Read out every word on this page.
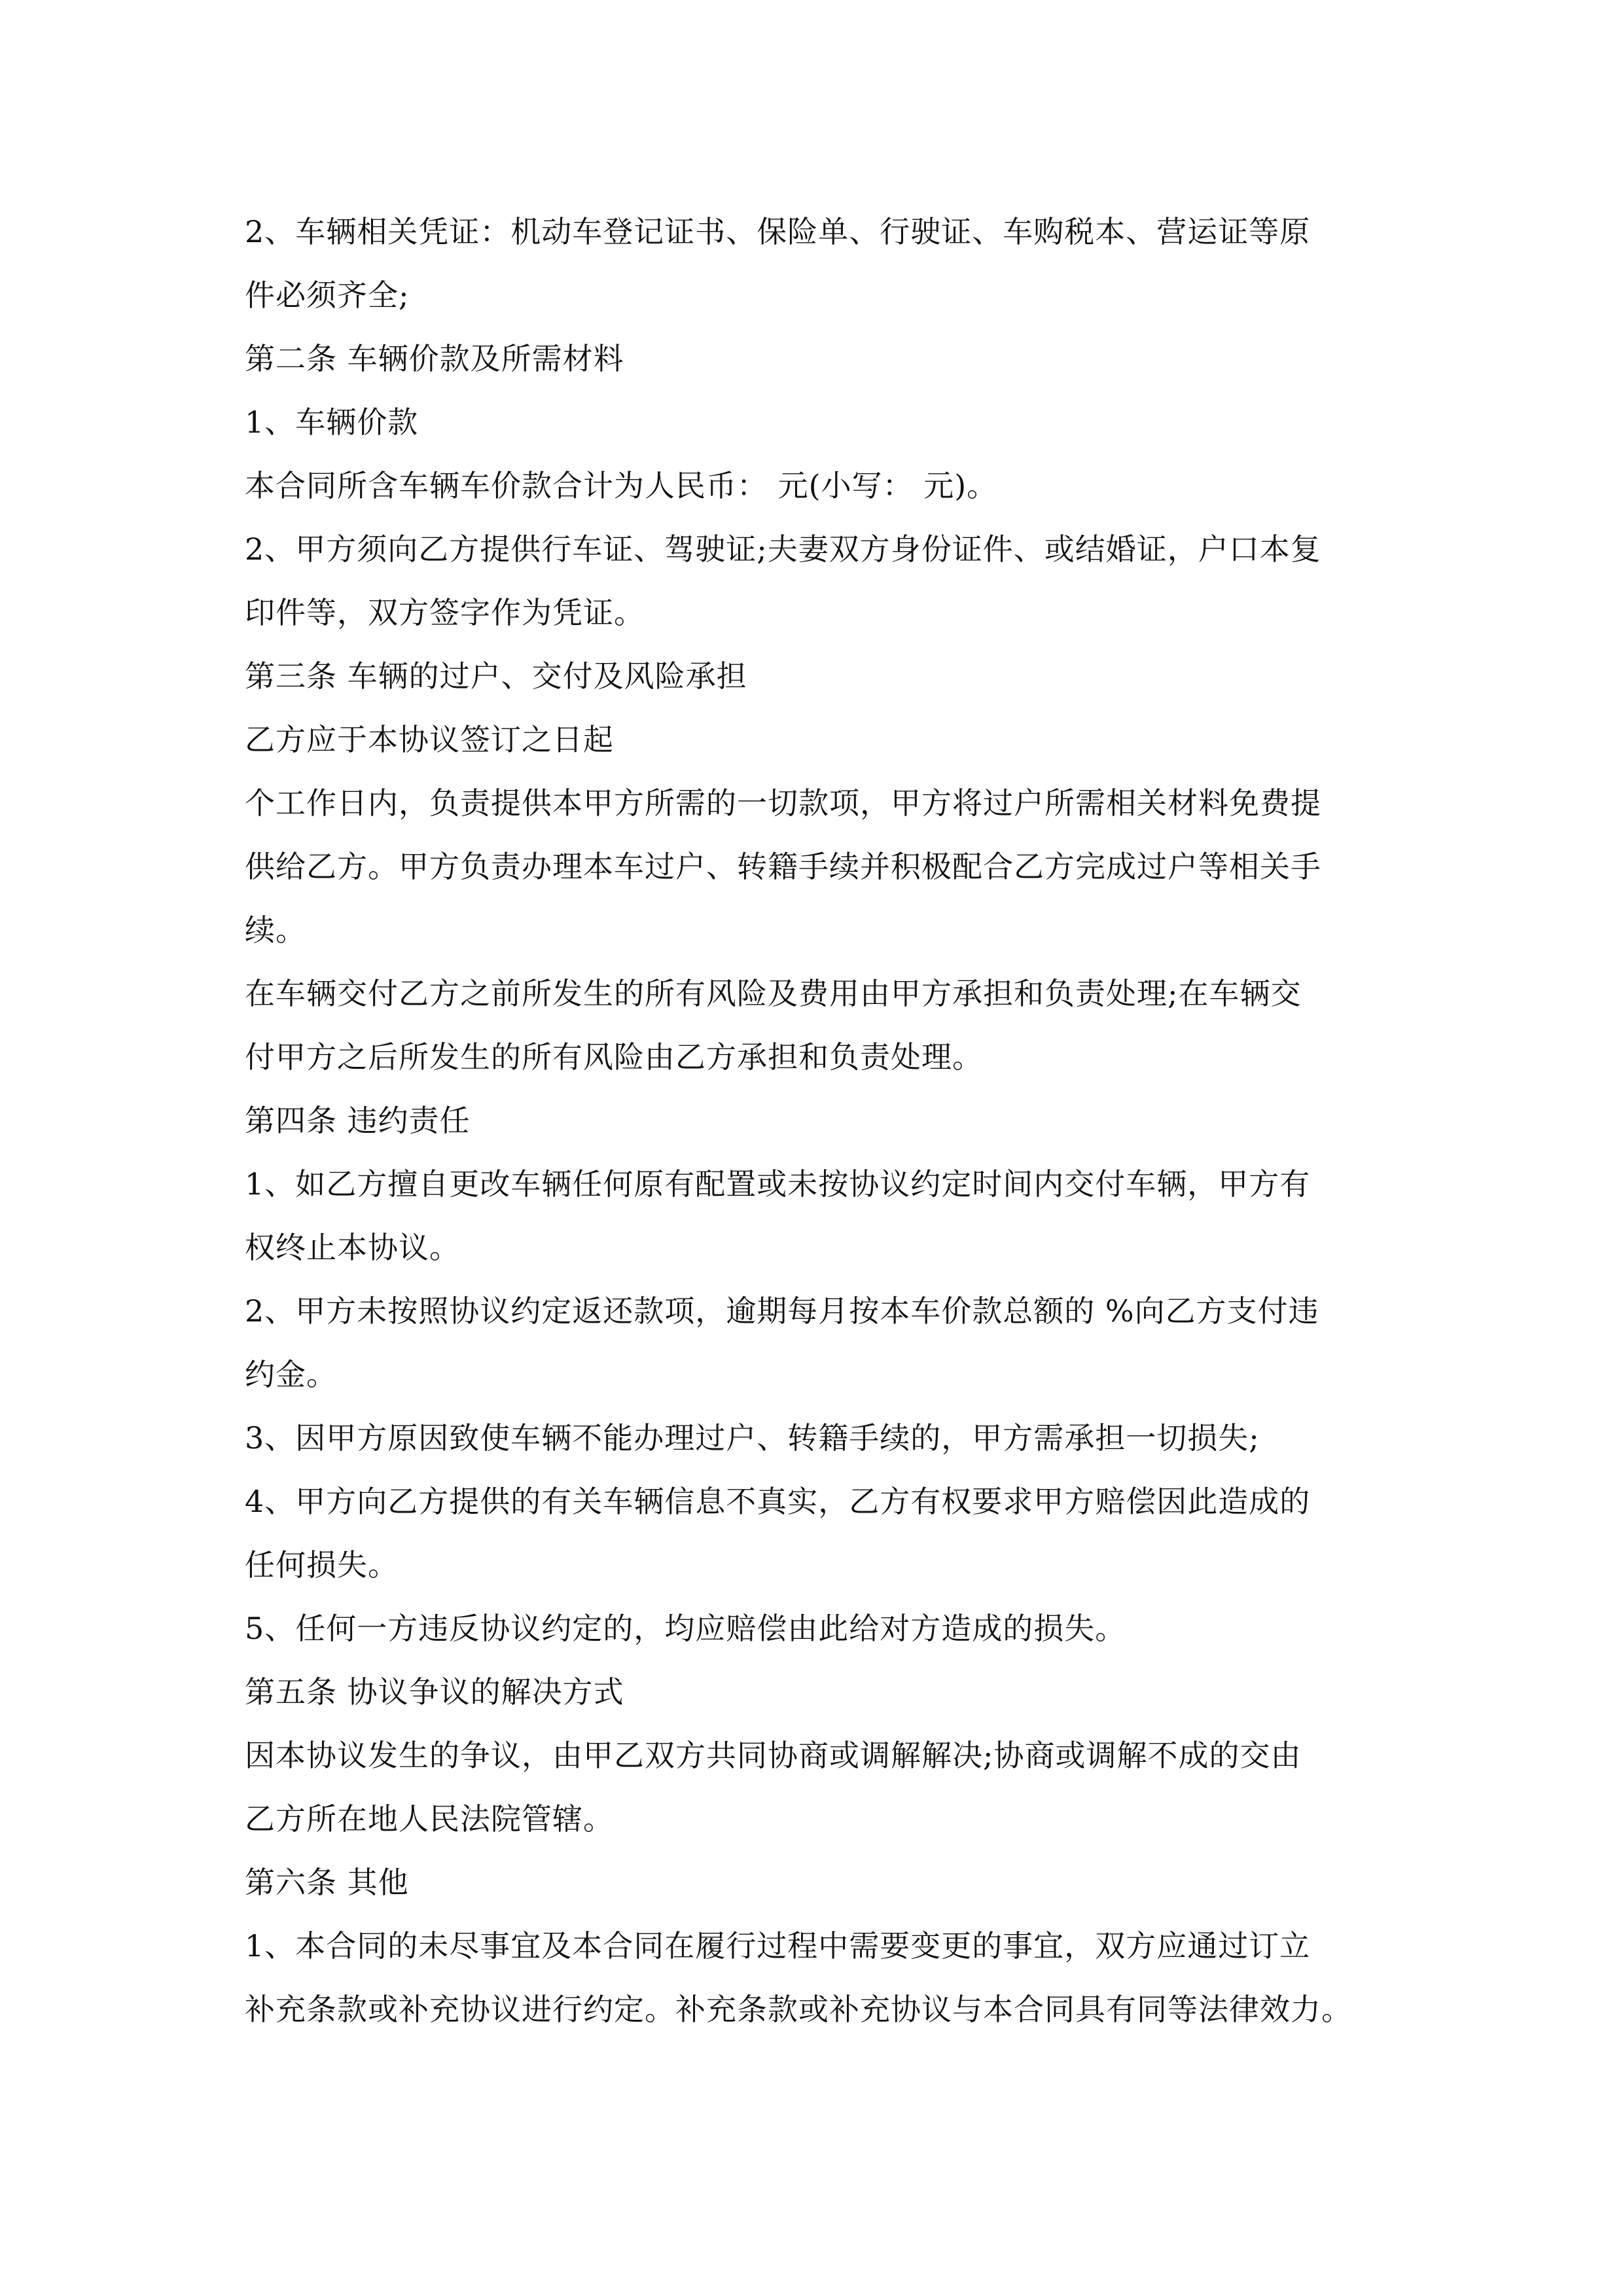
2、车辆相关凭证：机动车登记证书、保险单、行驶证、车购税本、营运证等原
件必须齐全;
第二条 车辆价款及所需材料
1、车辆价款
本合同所含车辆车价款合计为人民币： 元(小写： 元)。
2、甲方须向乙方提供行车证、驾驶证;夫妻双方身份证件、或结婚证，户口本复
印件等，双方签字作为凭证。
第三条 车辆的过户、交付及风险承担
乙方应于本协议签订之日起
个工作日内，负责提供本甲方所需的一切款项，甲方将过户所需相关材料免费提
供给乙方。甲方负责办理本车过户、转籍手续并积极配合乙方完成过户等相关手
续。
在车辆交付乙方之前所发生的所有风险及费用由甲方承担和负责处理;在车辆交
付甲方之后所发生的所有风险由乙方承担和负责处理。
第四条 违约责任
1、如乙方擅自更改车辆任何原有配置或未按协议约定时间内交付车辆，甲方有
权终止本协议。
2、甲方未按照协议约定返还款项，逾期每月按本车价款总额的 %向乙方支付违
约金。
3、因甲方原因致使车辆不能办理过户、转籍手续的，甲方需承担一切损失;
4、甲方向乙方提供的有关车辆信息不真实，乙方有权要求甲方赔偿因此造成的
任何损失。
5、任何一方违反协议约定的，均应赔偿由此给对方造成的损失。
第五条 协议争议的解决方式
因本协议发生的争议，由甲乙双方共同协商或调解解决;协商或调解不成的交由
乙方所在地人民法院管辖。
第六条 其他
1、本合同的未尽事宜及本合同在履行过程中需要变更的事宜，双方应通过订立
补充条款或补充协议进行约定。补充条款或补充协议与本合同具有同等法律效力。
